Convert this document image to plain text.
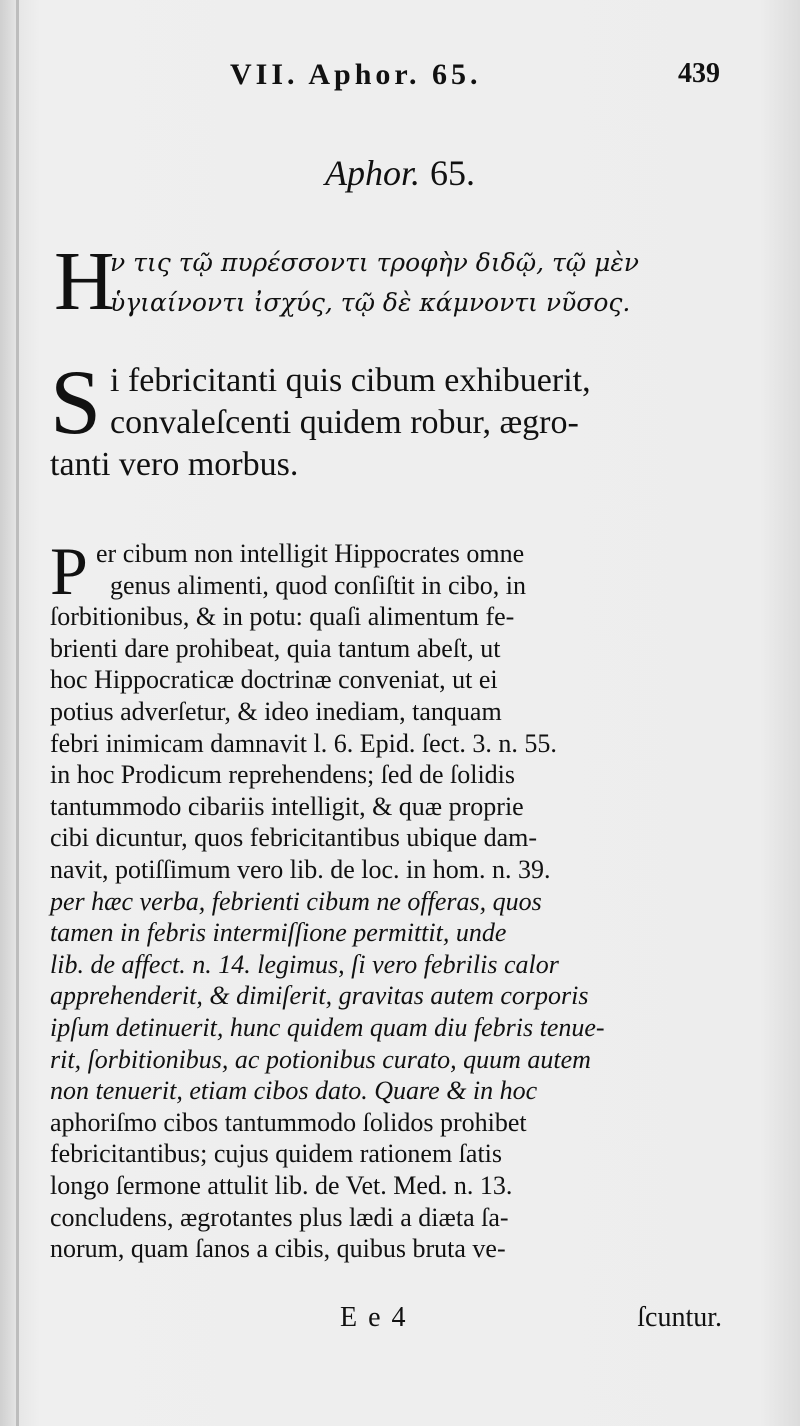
VII. Aphor. 65.	439
Aphor. 65.
Η
ν τις τῷ πυρέσσοντι τροφὴν διδῷ, τῷ μὲν
ὑγιαίνοντι ἰσχύς, τῷ δὲ κάμνοντι νῦσος.
S i febricitanti quis cibum exhibuerit,
convaleſcenti quidem robur, ægro-
tanti vero morbus.
P er cibum non intelligit Hippocrates omne
genus alimenti, quod conſiſtit in cibo, in
ſorbitionibus, & in potu: quaſi alimentum fe-
brienti dare prohibeat, quia tantum abeſt, ut
hoc Hippocraticæ doctrinæ conveniat, ut ei
potius adverſetur, & ideo inediam, tanquam
febri inimicam damnavit l. 6. Epid. ſect. 3. n. 55.
in hoc Prodicum reprehendens; ſed de ſolidis
tantummodo cibariis intelligit, & quæ proprie
cibi dicuntur, quos febricitantibus ubique dam-
navit, potiſſimum vero lib. de loc. in hom. n. 39.
per hæc verba, febrienti cibum ne offeras, quos
tamen in febris intermiſſione permittit, unde
lib. de affect. n. 14. legimus, ſi vero febrilis calor
apprehenderit, & dimiſerit, gravitas autem corporis
ipſum detinuerit, hunc quidem quam diu febris tenue-
rit, ſorbitionibus, ac potionibus curato, quum autem
non tenuerit, etiam cibos dato. Quare & in hoc
aphoriſmo cibos tantummodo ſolidos prohibet
febricitantibus; cujus quidem rationem ſatis
longo ſermone attulit lib. de Vet. Med. n. 13.
concludens, ægrotantes plus lædi a diæta ſa-
norum, quam ſanos a cibis, quibus bruta ve-
E e 4	ſcuntur.
